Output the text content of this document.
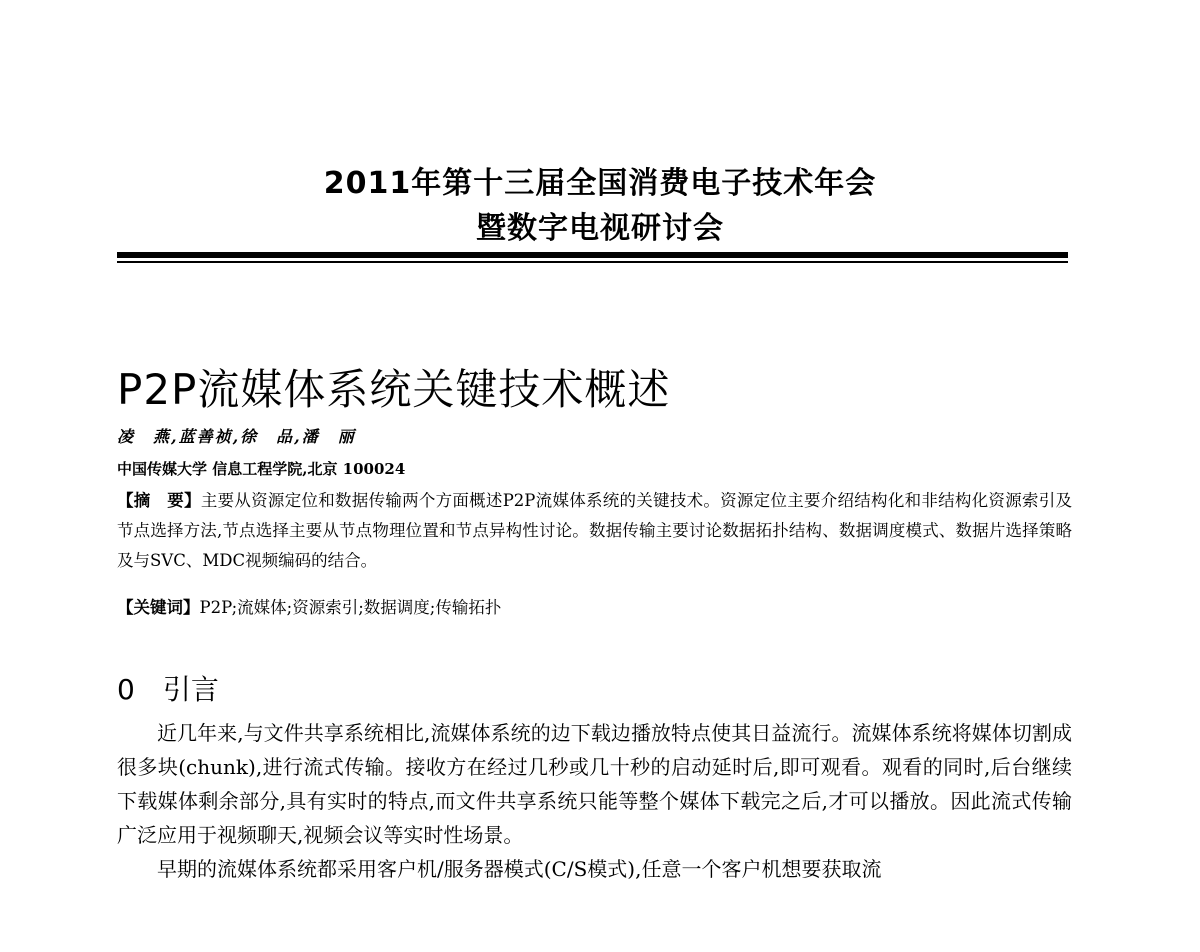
2011年第十三届全国消费电子技术年会
暨数字电视研讨会
P2P流媒体系统关键技术概述
凌　燕,蓝善祯,徐　品,潘　丽
中国传媒大学 信息工程学院,北京 100024
【摘　要】主要从资源定位和数据传输两个方面概述P2P流媒体系统的关键技术。资源定位主要介绍结构化和非结构化资源索引及节点选择方法,节点选择主要从节点物理位置和节点异构性讨论。数据传输主要讨论数据拓扑结构、数据调度模式、数据片选择策略及与SVC、MDC视频编码的结合。
【关键词】P2P;流媒体;资源索引;数据调度;传输拓扑
0 引言

近几年来,与文件共享系统相比,流媒体系统的边下载边播放特点使其日益流行。流媒体系统将媒体切割成很多块(chunk),进行流式传输。接收方在经过几秒或几十秒的启动延时后,即可观看。观看的同时,后台继续下载媒体剩余部分,具有实时的特点,而文件共享系统只能等整个媒体下载完之后,才可以播放。因此流式传输广泛应用于视频聊天,视频会议等实时性场景。

早期的流媒体系统都采用客户机/服务器模式(C/S模式),任意一个客户机想要获取流
